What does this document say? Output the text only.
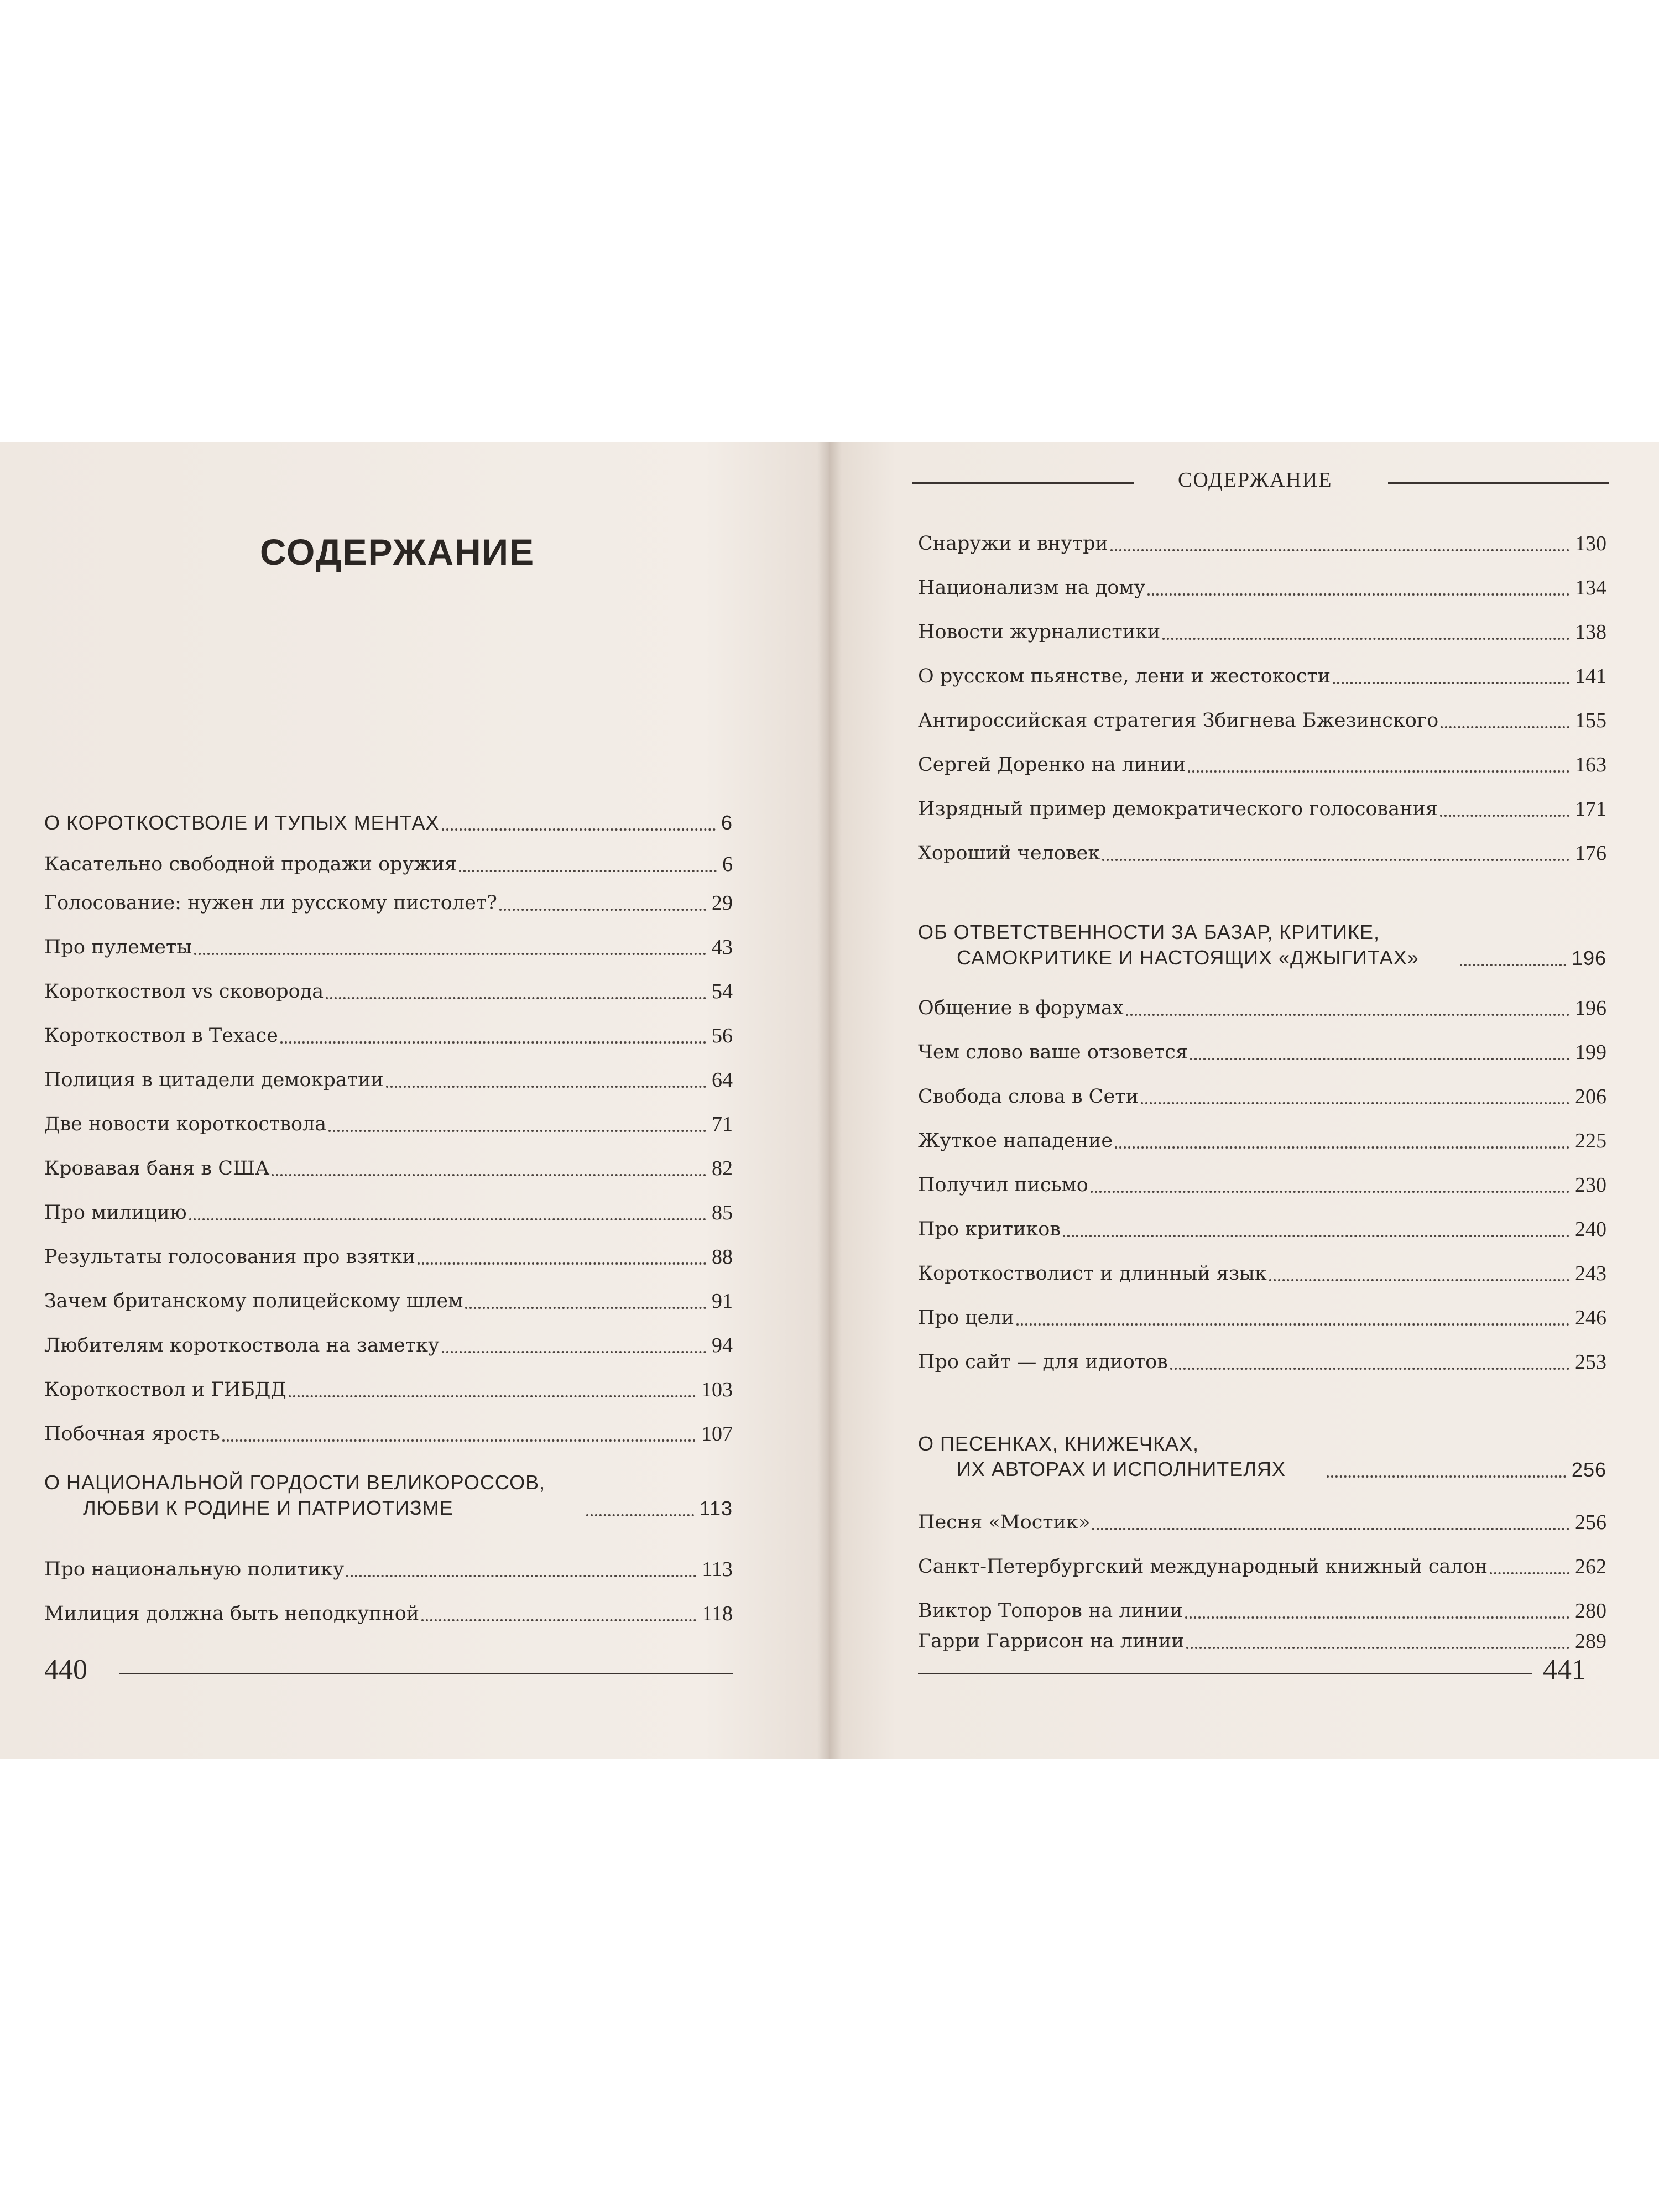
СОДЕРЖАНИЕ
О КОРОТКОСТВОЛЕ И ТУПЫХ МЕНТАХ	6
Касательно свободной продажи оружия	6
Голосование: нужен ли русскому пистолет?	29
Про пулеметы	43
Короткоствол vs сковорода	54
Короткоствол в Техасе	56
Полиция в цитадели демократии	64
Две новости короткоствола	71
Кровавая баня в США	82
Про милицию	85
Результаты голосования про взятки	88
Зачем британскому полицейскому шлем	91
Любителям короткоствола на заметку	94
Короткоствол и ГИБДД	103
Побочная ярость	107
О НАЦИОНАЛЬНОЙ ГОРДОСТИ ВЕЛИКОРОССОВ,
ЛЮБВИ К РОДИНЕ И ПАТРИОТИЗМЕ	113
Про национальную политику	113
Милиция должна быть неподкупной	118
440
СОДЕРЖАНИЕ
Снаружи и внутри	130
Национализм на дому	134
Новости журналистики	138
О русском пьянстве, лени и жестокости	141
Антироссийская стратегия Збигнева Бжезинского	155
Сергей Доренко на линии	163
Изрядный пример демократического голосования	171
Хороший человек	176
ОБ ОТВЕТСТВЕННОСТИ ЗА БАЗАР, КРИТИКЕ,
САМОКРИТИКЕ И НАСТОЯЩИХ «ДЖЫГИТАХ»	196
Общение в форумах	196
Чем слово ваше отзовется	199
Свобода слова в Сети	206
Жуткое нападение	225
Получил письмо	230
Про критиков	240
Короткостволист и длинный язык	243
Про цели	246
Про сайт — для идиотов	253
О ПЕСЕНКАХ, КНИЖЕЧКАХ,
ИХ АВТОРАХ И ИСПОЛНИТЕЛЯХ	256
Песня «Мостик»	256
Санкт-Петербургский международный книжный салон	262
Виктор Топоров на линии	280
Гарри Гаррисон на линии	289
441
